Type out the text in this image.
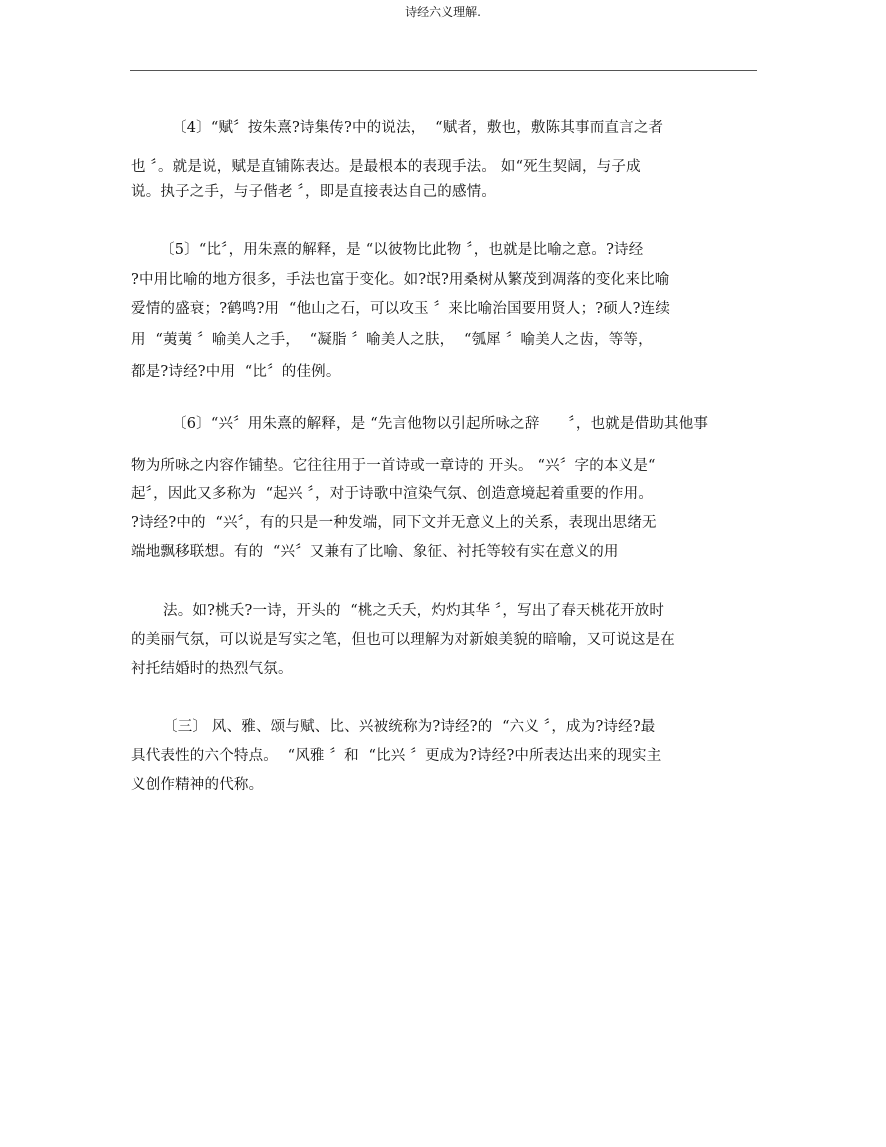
诗经六义理解.
〔4〕“赋〞按朱熹?诗集传?中的说法，  “赋者，敷也，敷陈其事而直言之者
也 〞。就是说，赋是直铺陈表达。是最根本的表现手法。 如“死生契阔，与子成
说。执子之手，与子偕老 〞，即是直接表达自己的感情。
〔5〕“比〞，用朱熹的解释，是 “以彼物比此物 〞，也就是比喻之意。?诗经
?中用比喻的地方很多，手法也富于变化。如?氓?用桑树从繁茂到凋落的变化来比喻
爱情的盛衰；?鹤鸣?用  “他山之石，可以攻玉 〞来比喻治国要用贤人；?硕人?连续
用  “荑荑 〞喻美人之手，  “凝脂 〞喻美人之肤，  “瓠犀 〞喻美人之齿，等等，
都是?诗经?中用  “比〞的佳例。
〔6〕“兴〞用朱熹的解释，是 “先言他物以引起所咏之辞      〞，也就是借助其他事
物为所咏之内容作铺垫。它往往用于一首诗或一章诗的 开头。 “兴〞字的本义是“
起〞，因此又多称为  “起兴 〞，对于诗歌中渲染气氛、创造意境起着重要的作用。
?诗经?中的  “兴〞，有的只是一种发端，同下文并无意义上的关系，表现出思绪无
端地飘移联想。有的  “兴〞又兼有了比喻、象征、衬托等较有实在意义的用
法。如?桃夭?一诗，开头的  “桃之夭夭，灼灼其华 〞，写出了春天桃花开放时
的美丽气氛，可以说是写实之笔，但也可以理解为对新娘美貌的暗喻，又可说这是在
衬托结婚时的热烈气氛。
〔三〕 风、雅、颂与赋、比、兴被统称为?诗经?的  “六义 〞，成为?诗经?最
具代表性的六个特点。  “风雅 〞和  “比兴 〞更成为?诗经?中所表达出来的现实主
义创作精神的代称。
